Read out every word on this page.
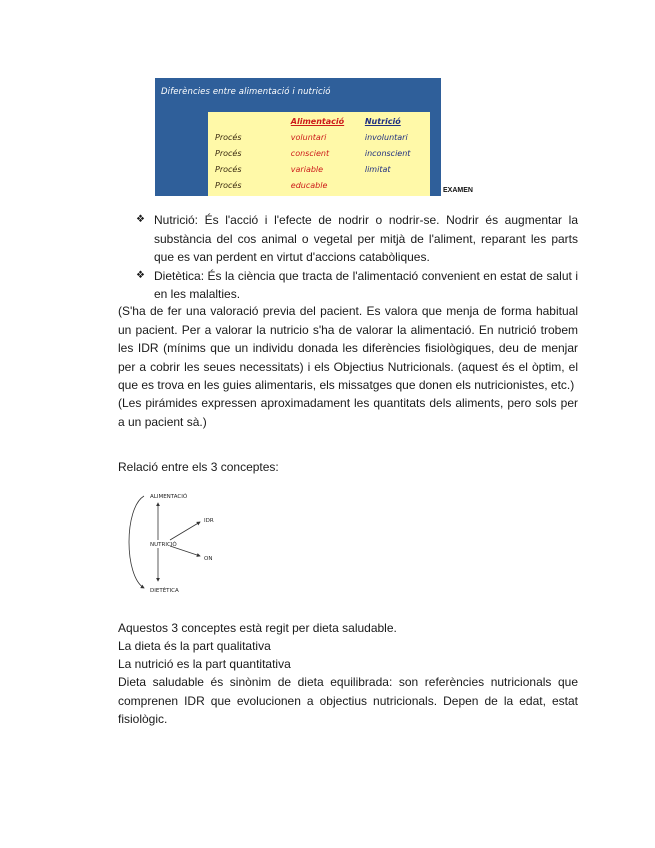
Diferències entre alimentació i nutrició
	Alimentació	Nutrició
Procés	voluntari	involuntari
Procés	conscient	inconscient
Procés	variable	limitat
Procés	educable	
EXAMEN
❖ Nutrició: És l'acció i l'efecte de nodrir o nodrir-se. Nodrir és augmentar la substància del cos animal o vegetal per mitjà de l'aliment, reparant les parts que es van perdent en virtut d'accions catabòliques.
❖ Dietètica: És la ciència que tracta de l'alimentació convenient en estat de salut i en les malalties.

(S'ha de fer una valoració previa del pacient. Es valora que menja de forma habitual un pacient. Per a valorar la nutricio s'ha de valorar la alimentació. En nutrició trobem les IDR (mínims que un individu donada les diferències fisiològiques, deu de menjar per a cobrir les seues necessitats) i els Objectius Nutricionals. (aquest és el òptim, el que es trova en les guies alimentaris, els missatges que donen els nutricionistes, etc.)

(Les pirámides expressen aproximadament les quantitats dels aliments, pero sols per a un pacient sà.)

Relació entre els 3 conceptes:

ALIMENTACIÓ
NUTRICIÓ
DIETÈTICA
IDR
ON

Aquestos 3 conceptes està regit per dieta saludable.

La dieta és la part qualitativa

La nutrició es la part quantitativa

Dieta saludable és sinònim de dieta equilibrada: son referències nutricionals que comprenen IDR que evolucionen a objectius nutricionals. Depen de la edat, estat fisiològic.
